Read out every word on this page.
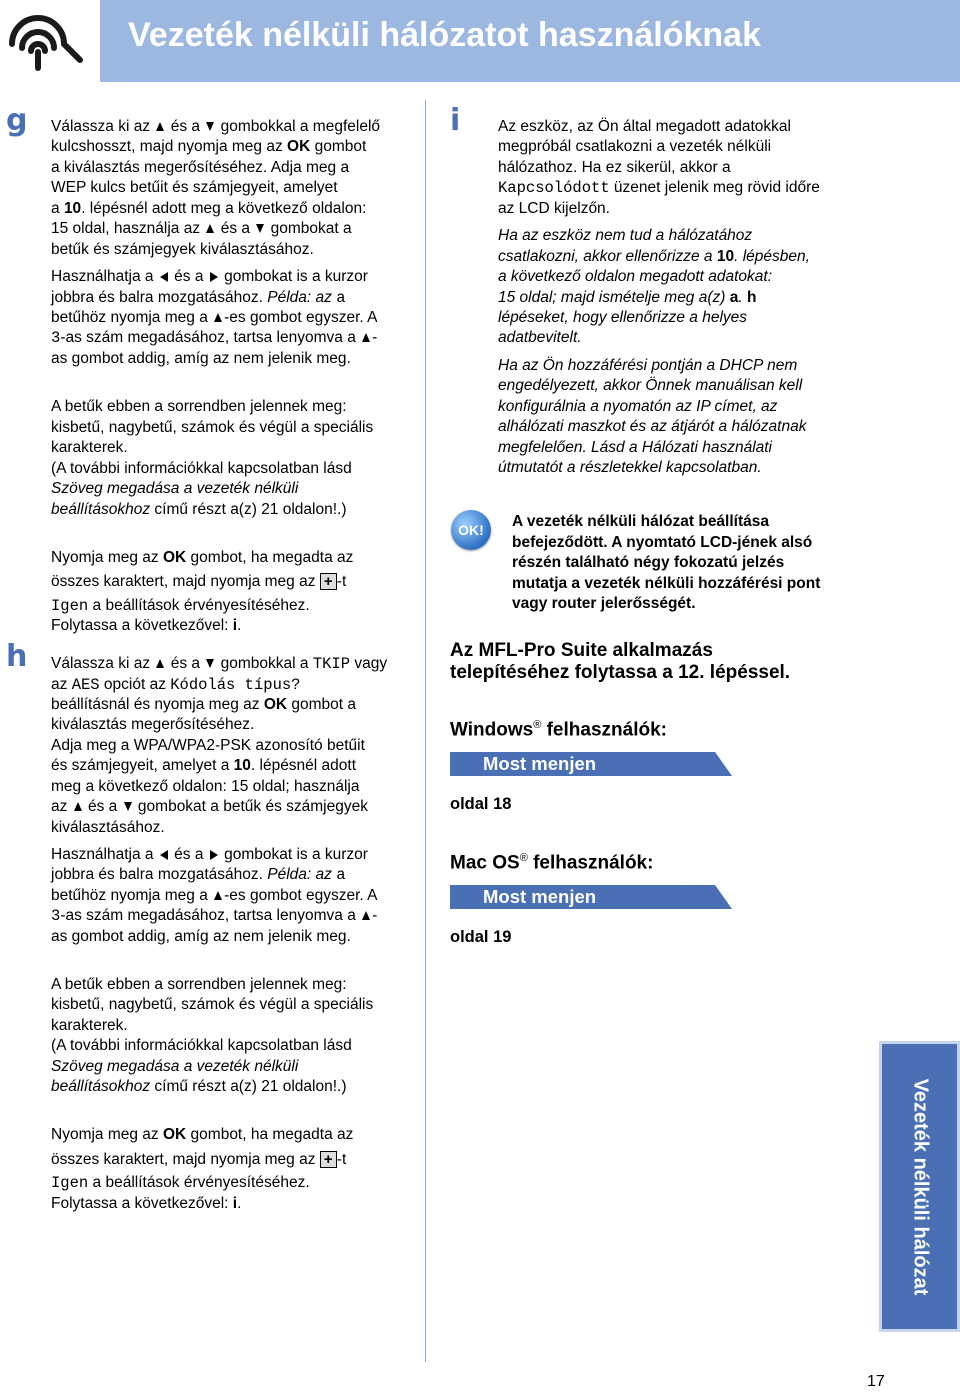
Vezeték nélküli hálózatot használóknak
g Válassza ki az  és a  gombokkal a megfelelő
kulcshosszt, majd nyomja meg az OK gombot
a kiválasztás megerősítéséhez. Adja meg a
WEP kulcs betűit és számjegyeit, amelyet
a 10. lépésnél adott meg a következő oldalon:
15 oldal, használja az  és a  gombokat a
betűk és számjegyek kiválasztásához.
Használhatja a  és a  gombokat is a kurzor
jobbra és balra mozgatásához. Példa: az a
betűhöz nyomja meg a -es gombot egyszer. A
3-as szám megadásához, tartsa lenyomva a -
as gombot addig, amíg az nem jelenik meg.
A betűk ebben a sorrendben jelennek meg:
kisbetű, nagybetű, számok és végül a speciális
karakterek.
(A további információkkal kapcsolatban lásd
Szöveg megadása a vezeték nélküli
beállításokhoz című részt a(z) 21 oldalon!.)
Nyomja meg az OK gombot, ha megadta az
összes karaktert, majd nyomja meg az + -t
Igen a beállítások érvényesítéséhez.
Folytassa a következővel: i.
h Válassza ki az  és a  gombokkal a TKIP vagy
az AES opciót az Kódolás típus?
beállításnál és nyomja meg az OK gombot a
kiválasztás megerősítéséhez.
Adja meg a WPA/WPA2-PSK azonosító betűit
és számjegyeit, amelyet a 10. lépésnél adott
meg a következő oldalon: 15 oldal; használja
az  és a  gombokat a betűk és számjegyek
kiválasztásához.
Használhatja a  és a  gombokat is a kurzor
jobbra és balra mozgatásához. Példa: az a
betűhöz nyomja meg a -es gombot egyszer. A
3-as szám megadásához, tartsa lenyomva a -
as gombot addig, amíg az nem jelenik meg.
A betűk ebben a sorrendben jelennek meg:
kisbetű, nagybetű, számok és végül a speciális
karakterek.
(A további információkkal kapcsolatban lásd
Szöveg megadása a vezeték nélküli
beállításokhoz című részt a(z) 21 oldalon!.)
Nyomja meg az OK gombot, ha megadta az
összes karaktert, majd nyomja meg az + -t
Igen a beállítások érvényesítéséhez.
Folytassa a következővel: i.
i Az eszköz, az Ön által megadott adatokkal
megpróbál csatlakozni a vezeték nélküli
hálózathoz. Ha ez sikerül, akkor a
Kapcsolódott üzenet jelenik meg rövid időre
az LCD kijelzőn.
Ha az eszköz nem tud a hálózatához
csatlakozni, akkor ellenőrizze a 10. lépésben,
a következő oldalon megadott adatokat:
15 oldal; majd ismételje meg a(z) a. h
lépéseket, hogy ellenőrizze a helyes
adatbevitelt.
Ha az Ön hozzáférési pontján a DHCP nem
engedélyezett, akkor Önnek manuálisan kell
konfigurálnia a nyomatón az IP címet, az
alhálózati maszkot és az átjárót a hálózatnak
megfelelően. Lásd a Hálózati használati
útmutatót a részletekkel kapcsolatban.
OK!	A vezeték nélküli hálózat beállítása
befejeződött. A nyomtató LCD-jének alsó
részén található négy fokozatú jelzés
mutatja a vezeték nélküli hozzáférési pont
vagy router jelerősségét.
Az MFL-Pro Suite alkalmazás
telepítéséhez folytassa a 12. lépéssel.
Windows® felhasználók:
Most menjen
oldal 18
Mac OS® felhasználók:
Most menjen
oldal 19
Vezeték nélküli hálózat
17
